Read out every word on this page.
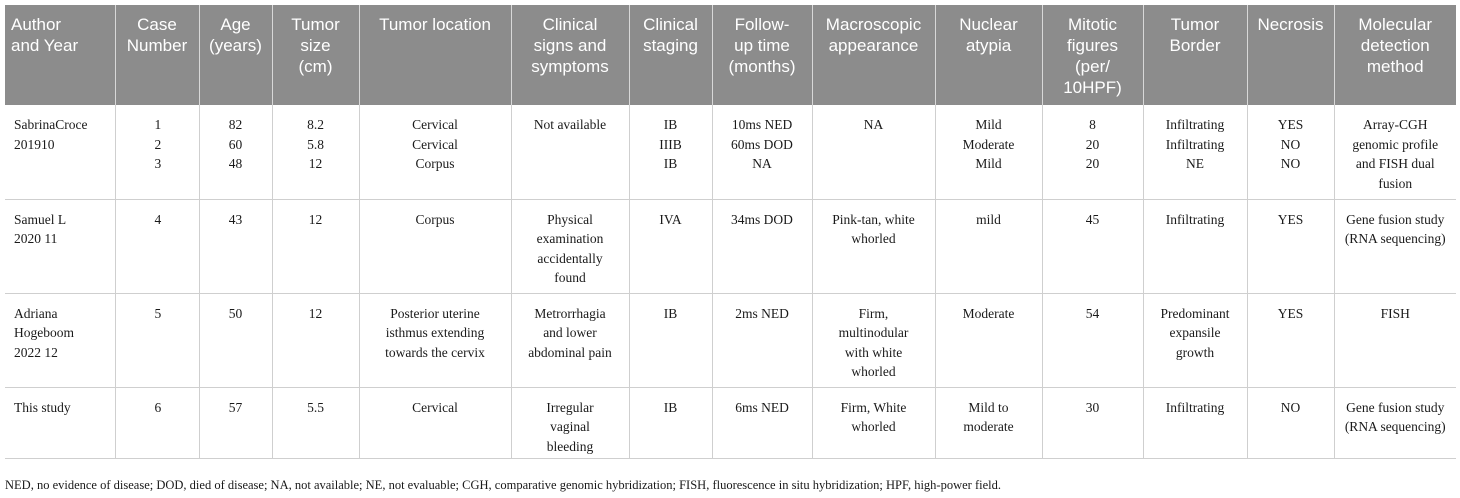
Author
and Year	Case
Number	Age
(years)	Tumor
size
(cm)	Tumor location	Clinical
signs and
symptoms	Clinical
staging	Follow-
up time
(months)	Macroscopic
appearance	Nuclear
atypia	Mitotic
figures
(per/
10HPF)	Tumor
Border	Necrosis	Molecular
detection
method

SabrinaCroce
201910	1
2
3	82
60
48	8.2
5.8
12	Cervical
Cervical
Corpus	Not available	IB
IIIB
IB	10ms NED
60ms DOD
NA	NA	Mild
Moderate
Mild	8
20
20	Infiltrating
Infiltrating
NE	YES
NO
NO	Array-CGH
genomic profile
and FISH dual
fusion

Samuel L
2020 11	4	43	12	Corpus	Physical
examination
accidentally
found	IVA	34ms DOD	Pink-tan, white
whorled	mild	45	Infiltrating	YES	Gene fusion study
(RNA sequencing)

Adriana
Hogeboom
2022 12	5	50	12	Posterior uterine
isthmus extending
towards the cervix	Metrorrhagia
and lower
abdominal pain	IB	2ms NED	Firm,
multinodular
with white
whorled	Moderate	54	Predominant
expansile
growth	YES	FISH

This study	6	57	5.5	Cervical	Irregular
vaginal
bleeding	IB	6ms NED	Firm, White
whorled	Mild to
moderate	30	Infiltrating	NO	Gene fusion study
(RNA sequencing)
NED, no evidence of disease; DOD, died of disease; NA, not available; NE, not evaluable; CGH, comparative genomic hybridization; FISH, fluorescence in situ hybridization; HPF, high-power field.
